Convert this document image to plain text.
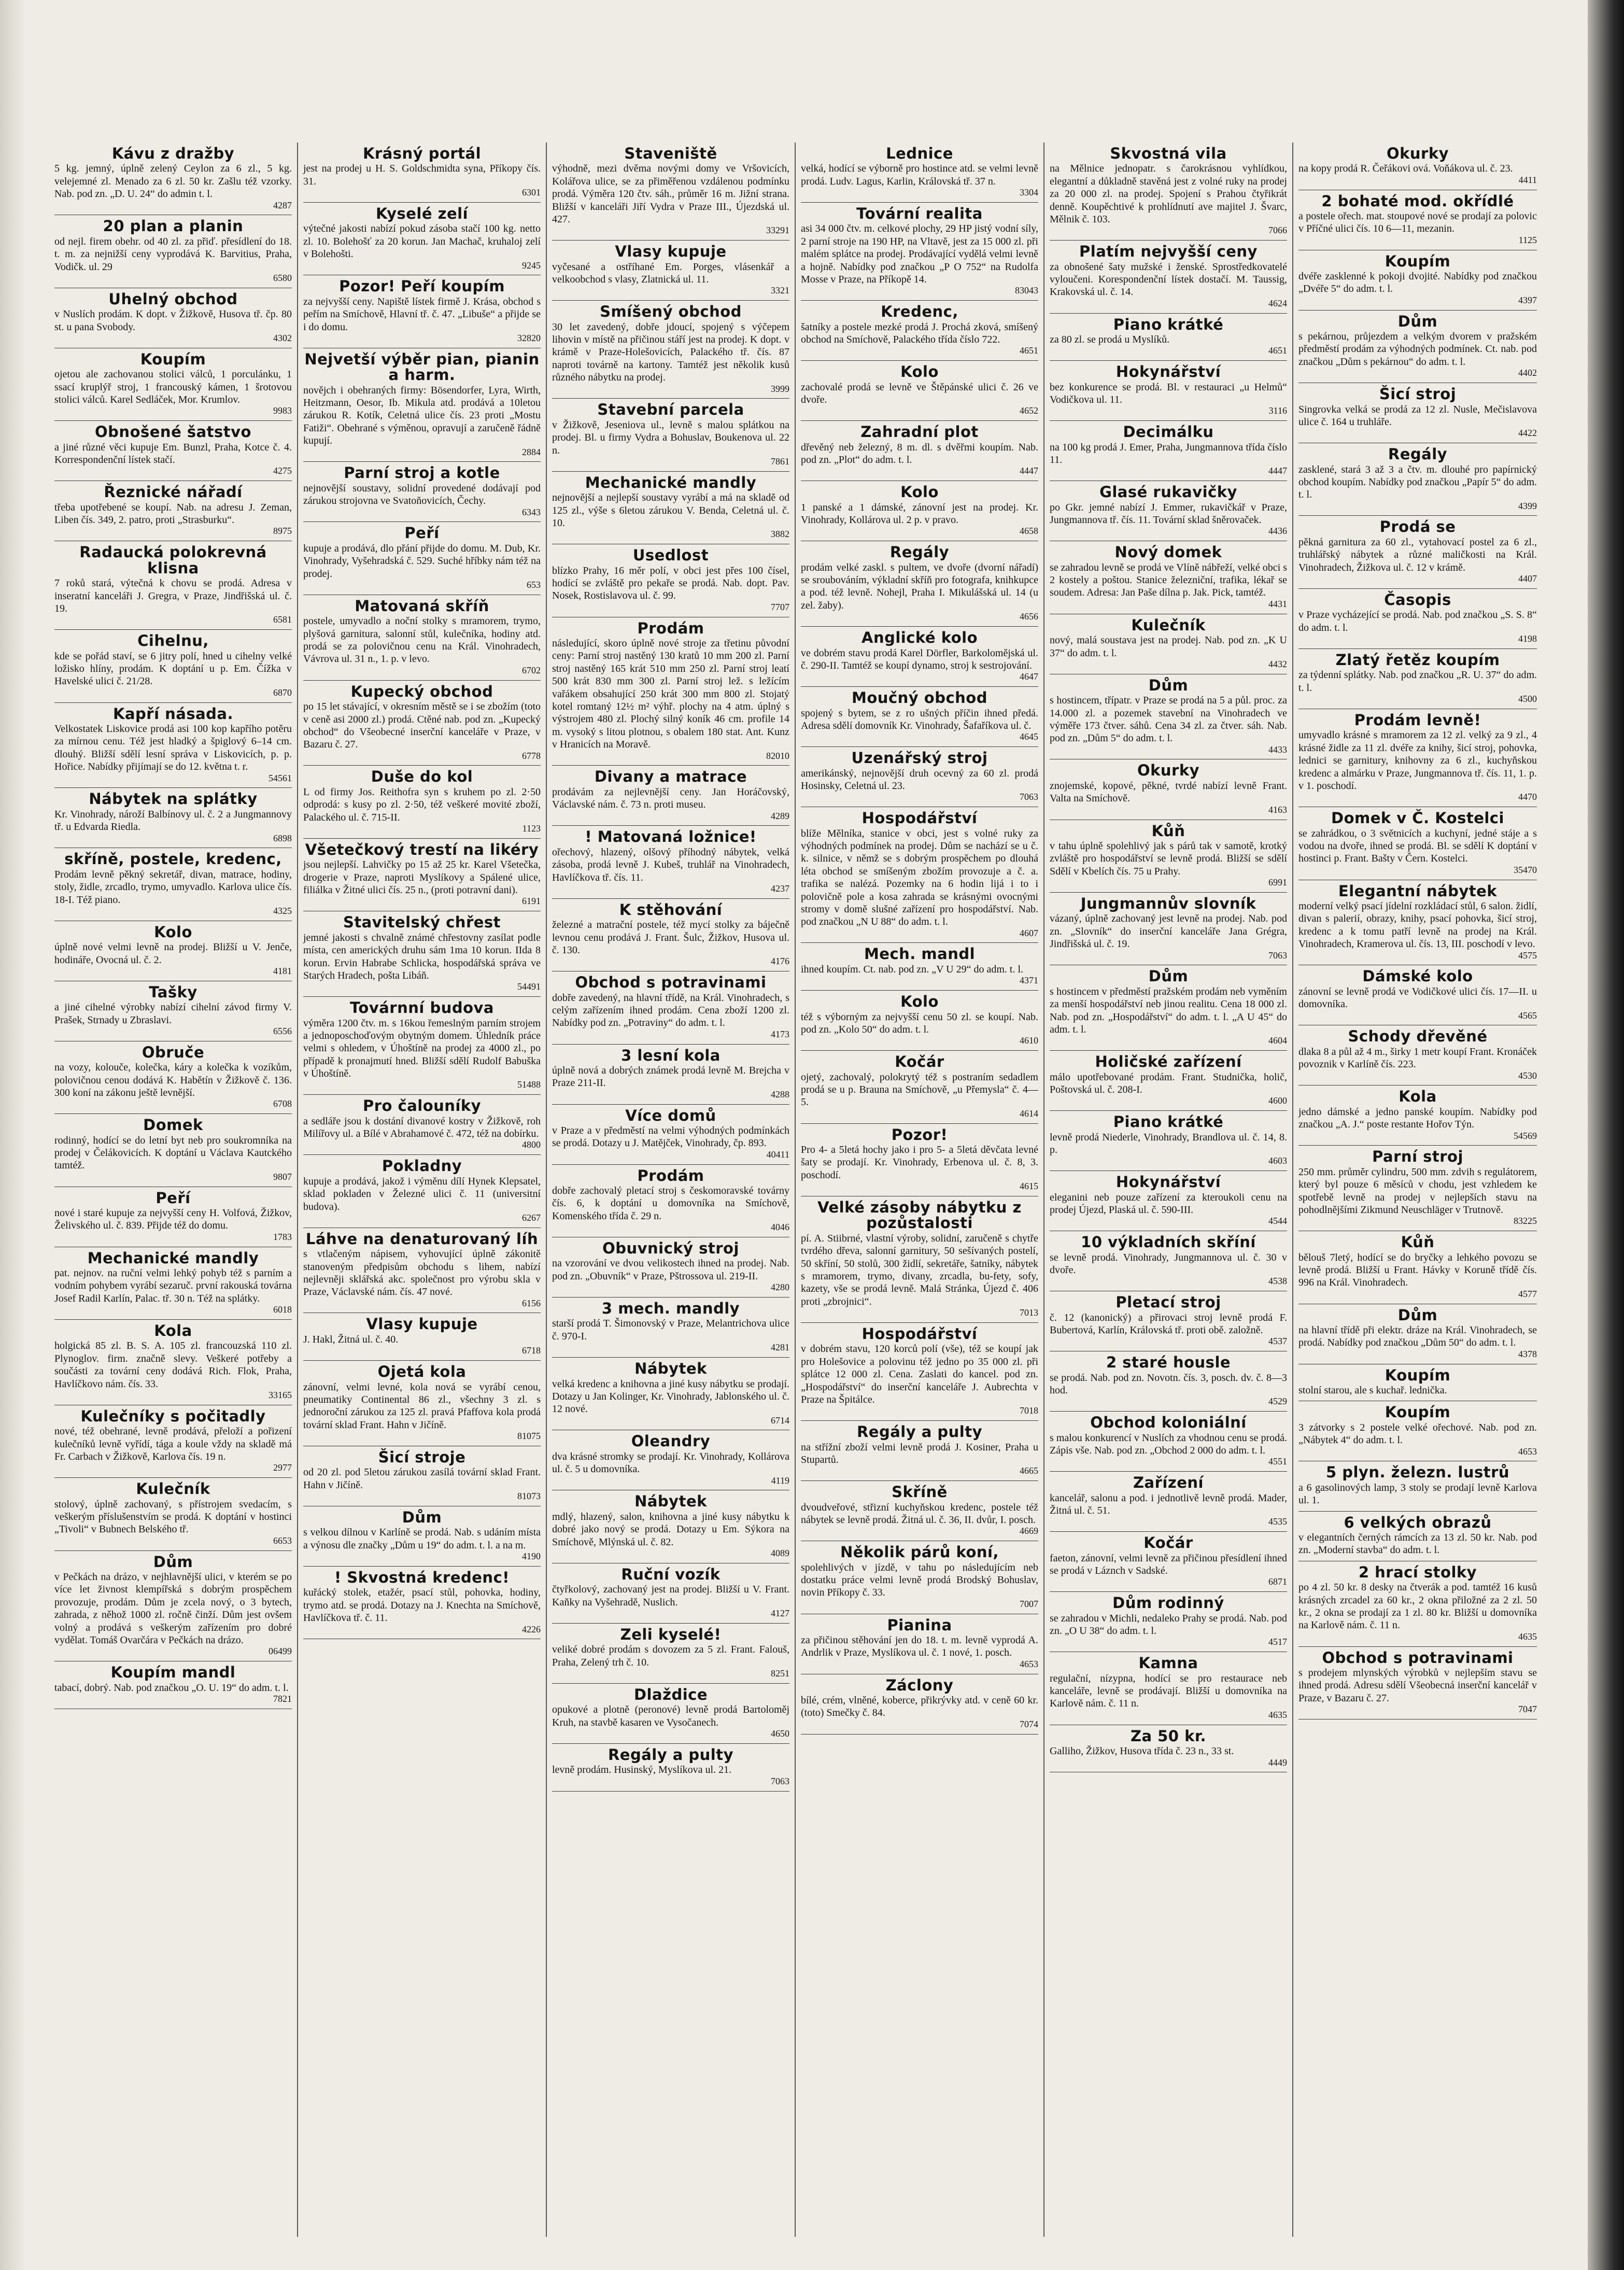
Kávu z dražby

5 kg. jemný, úplně zelený Ceylon za 6 zl., 5 kg. velejemné zl. Menado za 6 zl. 50 kr. Zašlu též vzorky. Nab. pod zn. „D. U. 24“ do admin t. l.

4287
20 plan a planin

od nejl. firem obehr. od 40 zl. za přiď. přesídlení do 18. t. m. za nejnižší ceny vyprodává K. Barvitius, Praha, Vodičk. ul. 29

6580
Uhelný obchod

v Nuslích prodám. K dopt. v Žižkově, Husova tř. čp. 80 st. u pana Svobody.

4302
Koupím

ojetou ale zachovanou stolici válců, 1 porculánku, 1 ssací kruplýř stroj, 1 francouský kámen, 1 šrotovou stolici válců. Karel Sedláček, Mor. Krumlov.

9983
Obnošené šatstvo

a jiné různé věci kupuje Em. Bunzl, Praha, Kotce č. 4. Korrespondenční lístek stačí.

4275
Řeznické nářadí

třeba upotřebené se koupí. Nab. na adresu J. Zeman, Liben čís. 349, 2. patro, proti „Strasburku“.

8975
Radaucká polokrevná klisna

7 roků stará, výtečná k chovu se prodá. Adresa v inseratní kanceláři J. Gregra, v Praze, Jindřišská ul. č. 19.

6581
Cihelnu,

kde se pořád staví, se 6 jitry polí, hned u cihelny velké ložisko hlíny, prodám. K doptání u p. Em. Čížka v Havelské ulici č. 21/28.

6870
Kapří násada.

Velkostatek Liskovice prodá asi 100 kop kapřího potěru za mírnou cenu. Též jest hladký a špiglový 6–14 cm. dlouhý. Bližší sdělí lesní správa v Liskovicích, p. p. Hořice. Nabídky přijímají se do 12. května t. r.

54561
Nábytek na splátky

Kr. Vinohrady, nároží Balbínovy ul. č. 2 a Jungmannovy tř. u Edvarda Riedla.

6898
skříně, postele, kredenc,

Prodám levně pěkný sekretář, divan, matrace, hodiny, stoly, židle, zrcadlo, trymo, umyvadlo. Karlova ulice čís. 18-I. Též piano.

4325
Kolo

úplně nové velmi levně na prodej. Bližší u V. Jenče, hodináře, Ovocná ul. č. 2.

4181
Tašky

a jiné cihelné výrobky nabízí cihelní závod firmy V. Prašek, Strnady u Zbraslavi.

6556
Obruče

na vozy, kolouče, kolečka, káry a kolečka k vozíkům, polovičnou cenou dodává K. Habětín v Žižkově č. 136. 300 koní na zákonu ještě levnější.

6708
Domek

rodinný, hodící se do letní byt neb pro soukromníka na prodej v Čelákovicích. K doptání u Václava Kautckého tamtéž.

9807
Peří

nové i staré kupuje za nejvyšší ceny H. Volfová, Žižkov, Želivského ul. č. 839. Přijde též do domu.

1783
Mechanické mandly

pat. nejnov. na ruční velmi lehký pohyb též s parním a vodním pohybem vyrábí sezaruč. první rakouská továrna Josef Radil Karlín, Palac. tř. 30 n. Též na splátky.

6018
Kola

holgická 85 zl. B. S. A. 105 zl. francouzská 110 zl. Plynoglov. firm. značně slevy. Veškeré potřeby a součásti za tovární ceny dodává Rich. Flok, Praha, Havlíčkovo nám. čís. 33.

33165
Kulečníky s počitadly

nové, též obehrané, levně prodává, přeloží a pořizení kulečníků levně vyřídí, tága a koule vždy na skladě má Fr. Carbach v Žižkově, Karlova čís. 19 n.

2977
Kulečník

stolový, úplně zachovaný, s přístrojem svedacím, s veškerým příslušenstvím se prodá. K doptání v hostinci „Tivoli“ v Bubnech Belského tř.

6653
Dům

v Pečkách na drázo, v nejhlavnější ulici, v kterém se po více let živnost klempířská s dobrým prospěchem provozuje, prodám. Dům je zcela nový, o 3 bytech, zahrada, z něhož 1000 zl. ročně činží. Dům jest ovšem volný a prodává s veškerým zařízením pro dobré vydělat. Tomáš Ovarčára v Pečkách na drázo.

06499
Koupím mandl

tabací, dobrý. Nab. pod značkou „O. U. 19“ do adm. t. l.

7821
Krásný portál

jest na prodej u H. S. Goldschmidta syna, Příkopy čís. 31.

6301
Kyselé zelí

výtečné jakosti nabízí pokud zásoba stačí 100 kg. netto zl. 10. Bolehošť za 20 korun. Jan Machač, kruhaloj zelí v Bolehošti.

9245
Pozor! Peří koupím

za nejvyšší ceny. Napiště lístek firmě J. Krása, obchod s peřím na Smíchově, Hlavní tř. č. 47. „Libuše“ a přijde se i do domu.

32820
Nejvetší výběr pian, pianin a harm.

novějch i obehraných firmy: Bösendorfer, Lyra, Wirth, Heitzmann, Oesor, Ib. Mikula atd. prodává a 10letou zárukou R. Kotík, Celetná ulice čís. 23 proti „Mostu Fatiži“. Obehrané s výměnou, opravují a zaručeně řádně kupují.

2884
Parní stroj a kotle

nejnovější soustavy, solidní provedené dodávají pod zárukou strojovna ve Svatoňovicích, Čechy.

6343
Peří

kupuje a prodává, dlo přání přijde do domu. M. Dub, Kr. Vinohrady, Vyšehradská č. 529. Suché hříbky nám též na prodej.

653
Matovaná skříň

postele, umyvadlo a noční stolky s mramorem, trymo, plyšová garnitura, salonní stůl, kulečníka, hodiny atd. prodá se za polovičnou cenu na Král. Vinohradech, Vávrova ul. 31 n., 1. p. v levo.

6702
Kupecký obchod

po 15 let stávající, v okresním městě se i se zbožím (toto v ceně asi 2000 zl.) prodá. Ctěné nab. pod zn. „Kupecký obchod“ do Všeobecné inserční kanceláře v Praze, v Bazaru č. 27.

6778
Duše do kol

L od firmy Jos. Reithofra syn s kruhem po zl. 2·50 odprodá: s kusy po zl. 2·50, též veškeré movité zboží, Palackého ul. č. 715-II.

1123
Všetečkový trestí na likéry

jsou nejlepší. Lahvičky po 15 až 25 kr. Karel Všetečka, drogerie v Praze, naproti Myslíkovy a Spálené ulice, filiálka v Žitné ulici čís. 25 n., (proti potravní dani).

6191
Stavitelský chřest

jemné jakosti s chvalně známé chřestovny zasílat podle místa, cen amerických druhu sám 1ma 10 korun. IIda 8 korun. Ervin Habrabe Schlicka, hospodářská správa ve Starých Hradech, pošta Libáň.

54491
Továrnní budova

výměra 1200 čtv. m. s 16kou řemeslným parním strojem a jednoposchoďovým obytným domem. Úhledník práce velmi s ohledem, v Úhoštíně na prodej za 4000 zl., po případě k pronajmutí hned. Bližší sdělí Rudolf Babuška v Úhoštíně.

51488
Pro čalouníky

a sedláře jsou k dostání divanové kostry v Žižkově, roh Milířovy ul. a Bílé v Abrahamové č. 472, též na dobírku.

4800
Pokladny

kupuje a prodává, jakož i výměnu dílí Hynek Klepsatel, sklad pokladen v Železné ulici č. 11 (universitní budova).

6267
Láhve na denaturovaný líh

s vtlačeným nápisem, vyhovující úplně zákonitě stanoveným předpisům obchodu s lihem, nabízí nejlevněji sklářská akc. společnost pro výrobu skla v Praze, Václavské nám. čís. 47 nové.

6156
Vlasy kupuje

J. Hakl, Žitná ul. č. 40.

6718
Ojetá kola

zánovní, velmi levné, kola nová se vyrábí cenou, pneumatiky Continental 86 zl., všechny 3 zl. s jednoroční zárukou za 125 zl. pravá Pfaffova kola prodá tovární sklad Frant. Hahn v Jičíně.

81075
Šicí stroje

od 20 zl. pod 5letou zárukou zasílá tovární sklad Frant. Hahn v Jičíně.

81073
Dům

s velkou dílnou v Karlíně se prodá. Nab. s udáním místa a výnosu dle značky „Dům u 19“ do adm. t. l. a na m.

4190
! Skvostná kredenc!

kuřácký stolek, etažér, psací stůl, pohovka, hodiny, trymo atd. se prodá. Dotazy na J. Knechta na Smíchově, Havlíčkova tř. č. 11.

4226
Staveniště

výhodně, mezi dvěma novými domy ve Vršovicích, Kolářova ulice, se za přiměřenou vzdálenou podmínku prodá. Výměra 120 čtv. sáh., průměr 16 m. Jižní strana. Bližší v kanceláři Jiří Vydra v Praze III., Újezdská ul. 427.

33291
Vlasy kupuje

vyčesané a ostříhané Em. Porges, vlásenkář a velkoobchod s vlasy, Zlatnická ul. 11.

3321
Smíšený obchod

30 let zavedený, dobře jdoucí, spojený s výčepem lihovin v místě na přičinou stáří jest na prodej. K dopt. v krámě v Praze-Holešovicích, Palackého tř. čís. 87 naproti továrně na kartony. Tamtéž jest několik kusů různého nábytku na prodej.

3999
Stavební parcela

v Žižkově, Jeseniova ul., levně s malou splátkou na prodej. Bl. u firmy Vydra a Bohuslav, Boukenova ul. 22 n.

7861
Mechanické mandly

nejnovější a nejlepší soustavy vyrábí a má na skladě od 125 zl., výše s 6letou zárukou V. Benda, Celetná ul. č. 10.

3882
Usedlost

blízko Prahy, 16 měr polí, v obci jest přes 100 čísel, hodící se zvláště pro pekaře se prodá. Nab. dopt. Pav. Nosek, Rostislavova ul. č. 99.

7707
Prodám

následující, skoro úplně nové stroje za třetinu původní ceny: Parní stroj nastěný 130 kratů 10 mm 200 zl. Parní stroj nastěný 165 krát 510 mm 250 zl. Parní stroj leatí 500 krát 830 mm 300 zl. Parní stroj lež. s ležícím vařákem obsahující 250 krát 300 mm 800 zl. Stojatý kotel romtaný 12½ m² výhř. plochy na 4 atm. úplný s výstrojem 480 zl. Plochý silný koník 46 cm. profile 14 m. vysoký s litou plotnou, s obalem 180 stat. Ant. Kunz v Hranicích na Moravě.

82010
Divany a matrace

prodávám za nejlevnější ceny. Jan Horáčovský, Václavské nám. č. 73 n. proti museu.

4289
! Matovaná ložnice!

ořechový, hlazený, olšový příhodný nábytek, velká zásoba, prodá levně J. Kubeš, truhlář na Vinohradech, Havlíčkova tř. čís. 11.

4237
K stěhování

železné a matrační postele, též mycí stolky za báječně levnou cenu prodává J. Frant. Šulc, Žižkov, Husova ul. č. 130.

4176
Obchod s potravinami

dobře zavedený, na hlavní třídě, na Král. Vinohradech, s celým zařízením ihned prodám. Cena zboží 1200 zl. Nabídky pod zn. „Potraviny“ do adm. t. l.

4173
3 lesní kola

úplně nová a dobrých známek prodá levně M. Brejcha v Praze 211-II.

4288
Více domů

v Praze a v předměstí na velmi výhodných podmínkách se prodá. Dotazy u J. Matějček, Vinohrady, čp. 893.

40411
Prodám

dobře zachovalý pletací stroj s českomoravské továrny čís. 6, k doptání u domovníka na Smíchově, Komenského třída č. 29 n.

4046
Obuvnický stroj

na vzorování ve dvou velikostech ihned na prodej. Nab. pod zn. „Obuvník“ v Praze, Pštrossova ul. 219-II.

4280
3 mech. mandly

starší prodá T. Šimonovský v Praze, Melantrichova ulice č. 970-I.

4281
Nábytek

velká kredenc a knihovna a jiné kusy nábytku se prodají. Dotazy u Jan Kolinger, Kr. Vinohrady, Jablonského ul. č. 12 nové.

6714
Oleandry

dva krásné stromky se prodají. Kr. Vinohrady, Kollárova ul. č. 5 u domovníka.

4119
Nábytek

mdlý, hlazený, salon, knihovna a jiné kusy nábytku k dobré jako nový se prodá. Dotazy u Em. Sýkora na Smíchově, Mlýnská ul. č. 82.

4089
Ruční vozík

čtyřkolový, zachovaný jest na prodej. Bližší u V. Frant. Kaňky na Vyšehradě, Nuslich.

4127
Zeli kyselé!

veliké dobré prodám s dovozem za 5 zl. Frant. Falouš, Praha, Zelený trh č. 10.

8251
Dlaždice

opukové a plotně (peronové) levně prodá Bartoloměj Kruh, na stavbě kasaren ve Vysočanech.

4650
Regály a pulty

levně prodám. Husinský, Myslíkova ul. 21.

7063
Lednice

velká, hodící se výborně pro hostince atd. se velmi levně prodá. Ludv. Lagus, Karlin, Královská tř. 37 n.

3304
Tovární realita

asi 34 000 čtv. m. celkové plochy, 29 HP jistý vodní síly, 2 parní stroje na 190 HP, na Vltavě, jest za 15 000 zl. při malém splátce na prodej. Prodávající vydělá velmi levně a hojně. Nabídky pod značkou „P O 752“ na Rudolfa Mosse v Praze, na Příkopě 14.

83043
Kredenc,

šatníky a postele mezké prodá J. Prochá zková, smíšený obchod na Smíchově, Palackého třída číslo 722.

4651
Kolo

zachovalé prodá se levně ve Štěpánské ulici č. 26 ve dvoře.

4652
Zahradní plot

dřevěný neb železný, 8 m. dl. s dvěřmi koupím. Nab. pod zn. „Plot“ do adm. t. l.

4447
Kolo

1 panské a 1 dámské, zánovní jest na prodej. Kr. Vinohrady, Kollárova ul. 2 p. v pravo.

4658
Regály

prodám velké zaskl. s pultem, ve dvoře (dvorní nářadí) se sroubováním, výkladní skříň pro fotografa, knihkupce a pod. též levně. Nohejl, Praha I. Mikulášská ul. 14 (u zel. žaby).

4656
Anglické kolo

ve dobrém stavu prodá Karel Dörfler, Barkolomějská ul. č. 290-II. Tamtéž se koupí dynamo, stroj k sestrojování.

4647
Moučný obchod

spojený s bytem, se z ro ušných příčin ihned předá. Adresa sdělí domovník Kr. Vinohrady, Šafaříkova ul. č.

4645
Uzenářský stroj

amerikánský, nejnovější druh ocevný za 60 zl. prodá Hosinsky, Celetná ul. 23.

7063
Hospodářství

blíže Mělníka, stanice v obci, jest s volné ruky za výhodných podmínek na prodej. Dům se nachází se u č. k. silnice, v němž se s dobrým prospěchem po dlouhá léta obchod se smíšeným zbožím provozuje a č. a. trafika se nalézá. Pozemky na 6 hodin lijá i to i polovičně pole a kosa zahrada se krásnými ovocnými stromy v domě slušné zařízení pro hospodářství. Nab. pod značkou „N U 88“ do adm. t. l.

4607
Mech. mandl

ihned koupím. Ct. nab. pod zn. „V U 29“ do adm. t. l.

4371
Kolo

též s výborným za nejvyšší cenu 50 zl. se koupí. Nab. pod zn. „Kolo 50“ do adm. t. l.

4610
Kočár

ojetý, zachovalý, polokrytý též s postraním sedadlem prodá se u p. Brauna na Smíchově, „u Přemysla“ č. 4—5.

4614
Pozor!

Pro 4- a 5letá hochy jako i pro 5- a 5letá děvčata levné šaty se prodají. Kr. Vinohrady, Erbenova ul. č. 8, 3. poschodí.

4615
Velké zásoby nábytku z pozůstalosti

pí. A. Stiibrné, vlastní výroby, solidní, zaručeně s chytře tvrdého dřeva, salonní garnitury, 50 sešívaných postelí, 50 skříní, 50 stolů, 300 židlí, sekretáře, šatníky, nábytek s mramorem, trymo, divany, zrcadla, bu-fety, sofy, kazety, vše se prodá levně. Malá Stránka, Újezd č. 406 proti „zbrojnici“.

7013
Hospodářství

v dobrém stavu, 120 korců polí (vše), též se koupí jak pro Holešovice a polovinu též jedno po 35 000 zl. při splátce 12 000 zl. Cena. Zaslati do kancel. pod zn. „Hospodářství“ do inserční kanceláře J. Aubrechta v Praze na Špitálce.

7018
Regály a pulty

na střížní zboží velmi levně prodá J. Kosiner, Praha u Stupartů.

4665
Skříně

dvoudveřové, střizní kuchyňskou kredenc, postele též nábytek se levně prodá. Žitná ul. č. 36, II. dvůr, I. posch.

4669
Několik párů koní,

spolehlivých v jízdě, v tahu po následujícím neb dostatku práce velmi levně prodá Brodský Bohuslav, novin Příkopy č. 33.

7007
Pianina

za přičinou stěhování jen do 18. t. m. levně vyprodá A. Andrlik v Praze, Myslíkova ul. č. 1 nové, 1. posch.

4653
Záclony

bílé, crém, vlněné, koberce, přikrývky atd. v ceně 60 kr. (toto) Smečky č. 84.

7074
Skvostná vila

na Mělnice jednopatr. s čarokrásnou vyhlídkou, elegantní a důkladně stavěná jest z volné ruky na prodej za 20 000 zl. na prodej. Spojení s Prahou čtyřikrát denně. Koupěchtivé k prohlídnutí ave majitel J. Švarc, Mělnik č. 103.

7066
Platím nejvyšší ceny

za obnošené šaty mužské i ženské. Sprostředkovatelé vyloučeni. Korespondenční lístek dostačí. M. Taussig, Krakovská ul. č. 14.

4624
Piano krátké

za 80 zl. se prodá u Myslíků.

4651
Hokynářství

bez konkurence se prodá. Bl. v restauraci „u Helmů“ Vodičkova ul. 11.

3116
Decimálku

na 100 kg prodá J. Emer, Praha, Jungmannova třída číslo 11.

4447
Glasé rukavičky

po Gkr. jemné nabízí J. Emmer, rukavičkář v Praze, Jungmannova tř. čís. 11. Tovární sklad šněrovaček.

4436
Nový domek

se zahradou levně se prodá ve Vlíně nábřeží, velké obci s 2 kostely a poštou. Stanice železniční, trafika, lékař se soudem. Adresa: Jan Paše dílna p. Jak. Pick, tamtéž.

4431
Kulečník

nový, malá soustava jest na prodej. Nab. pod zn. „K U 37“ do adm. t. l.

4432
Dům

s hostincem, třípatr. v Praze se prodá na 5 a půl. proc. za 14.000 zl. a pozemek stavební na Vinohradech ve výměře 173 čtver. sáhů. Cena 34 zl. za čtver. sáh. Nab. pod zn. „Dům 5“ do adm. t. l.

4433
Okurky

znojemské, kopové, pěkné, tvrdé nabízí levně Frant. Valta na Smíchově.

4163
Kůň

v tahu úplně spolehlivý jak s párů tak v samotě, krotký zvláště pro hospodářství se levně prodá. Bližší se sdělí Sdělí v Kbelích čís. 75 u Prahy.

6991
Jungmannův slovník

vázaný, úplně zachovaný jest levně na prodej. Nab. pod zn. „Slovník“ do inserční kanceláře Jana Grégra, Jindřišská ul. č. 19.

7063
Dům

s hostincem v předměstí pražském prodám neb vyměním za menší hospodářství neb jinou realitu. Cena 18 000 zl. Nab. pod zn. „Hospodářství“ do adm. t. l. „A U 45“ do adm. t. l.

4604
Holičské zařízení

málo upotřebované prodám. Frant. Studnička, holič, Poštovská ul. č. 208-I.

4600
Piano krátké

levně prodá Niederle, Vinohrady, Brandlova ul. č. 14, 8. p.

4603
Hokynářství

eleganini neb pouze zařízení za kteroukoli cenu na prodej Újezd, Plaská ul. č. 590-III.

4544
10 výkladních skříní

se levně prodá. Vinohrady, Jungmannova ul. č. 30 v dvoře.

4538
Pletací stroj

č. 12 (kanonický) a přirovaci stroj levně prodá F. Bubertová, Karlín, Královská tř. proti obě. založně.

4537
2 staré housle

se prodá. Nab. pod zn. Novotn. čís. 3, posch. dv. č. 8—3 hod.

4529
Obchod koloniální

s malou konkurencí v Nuslích za vhodnou cenu se prodá. Zápis vše. Nab. pod zn. „Obchod 2 000 do adm. t. l.

4551
Zařízení

kancelář, salonu a pod. i jednotlivě levně prodá. Mader, Žitná ul. č. 51.

4535
Kočár

faeton, zánovní, velmi levně za přičinou přesídlení ihned se prodá v Láznch v Sadské.

6871
Dům rodinný

se zahradou v Michli, nedaleko Prahy se prodá. Nab. pod zn. „O U 38“ do adm. t. l.

4517
Kamna

regulační, nízypna, hodící se pro restaurace neb kanceláře, levně se prodávají. Bližší u domovníka na Karlově nám. č. 11 n.

4635
Za 50 kr.

Galliho, Žižkov, Husova třída č. 23 n., 33 st.

4449
Okurky

na kopy prodá R. Čeřákovi ová. Voňákova ul. č. 23.

4411
2 bohaté mod. okřídlé

a postele ořech. mat. stoupové nové se prodají za polovic v Příčné ulici čís. 10 6—11, mezanin.

1125
Koupím

dvéře zasklenné k pokoji dvojité. Nabídky pod značkou „Dvéře 5“ do adm. t. l.

4397
Dům

s pekárnou, průjezdem a velkým dvorem v pražském předměstí prodám za výhodných podmínek. Ct. nab. pod značkou „Dům s pekárnou“ do adm. t. l.

4402
Šicí stroj

Singrovka velká se prodá za 12 zl. Nusle, Mečislavova ulice č. 164 u truhláře.

4422
Regály

zasklené, stará 3 až 3 a čtv. m. dlouhé pro papírnický obchod koupím. Nabídky pod značkou „Papír 5“ do adm. t. l.

4399
Prodá se

pěkná garnitura za 60 zl., vytahovací postel za 6 zl., truhlářský nábytek a různé maličkosti na Král. Vinohradech, Žižkova ul. č. 12 v krámě.

4407
Časopis

v Praze vycházející se prodá. Nab. pod značkou „S. S. 8“ do adm. t. l.

4198
Zlatý řetěz koupím

za týdenní splátky. Nab. pod značkou „R. U. 37“ do adm. t. l.

4500
Prodám levně!

umyvadlo krásné s mramorem za 12 zl. velký za 9 zl., 4 krásné židle za 11 zl. dvéře za knihy, šicí stroj, pohovka, lednici se garnitury, knihovny za 6 zl., kuchyňskou kredenc a almárku v Praze, Jungmannova tř. čís. 11, 1. p. v 1. poschodí.

4470
Domek v Č. Kostelci

se zahrádkou, o 3 světnicích a kuchyní, jedné stáje a s vodou na dvoře, ihned se prodá. Bl. se sdělí K doptání v hostinci p. Frant. Bašty v Čern. Kostelci.

35470
Elegantní nábytek

moderní velký psací jídelní rozkládací stůl, 6 salon. židlí, divan s palerií, obrazy, knihy, psací pohovka, šicí stroj, kredenc a k tomu patří levně na prodej na Král. Vinohradech, Kramerova ul. čís. 13, III. poschodí v levo.

4575
Dámské kolo

zánovní se levně prodá ve Vodičkové ulici čís. 17—II. u domovníka.

4565
Schody dřevěné

dlaka 8 a půl až 4 m., širky 1 metr koupí Frant. Kronáček povoznik v Karlíně čís. 223.

4530
Kola

jedno dámské a jedno panské koupím. Nabídky pod značkou „A. J.“ poste restante Hořov Týn.

54569
Parní stroj

250 mm. průměr cylindru, 500 mm. zdvih s regulátorem, který byl pouze 6 měsíců v chodu, jest vzhledem ke spotřebě levně na prodej v nejlepších stavu na pohodlnějšími Zikmund Neuschläger v Trutnově.

83225
Kůň

bělouš 7letý, hodící se do bryčky a lehkého povozu se levně prodá. Bližší u Frant. Hávky v Koruně třídě čís. 996 na Král. Vinohradech.

4577
Dům

na hlavní třídě při elektr. dráze na Král. Vinohradech, se prodá. Nabídky pod značkou „Dům 50“ do adm. t. l.

4378
Koupím

stolní starou, ale s kuchař. lednička.

Koupím

3 zátvorky s 2 postele velké ořechové. Nab. pod zn. „Nábytek 4“ do adm. t. l.

4653
5 plyn. železn. lustrů

a 6 gasolinových lamp, 3 stoly se prodají levně Karlova ul. 1.

6 velkých obrazů

v elegantních černých rámcích za 13 zl. 50 kr. Nab. pod zn. „Moderní stavba“ do adm. t. l.

2 hrací stolky

po 4 zl. 50 kr. 8 desky na čtverák a pod. tamtéž 16 kusů krásných zrcadel za 60 kr., 2 okna přiložné za 2 zl. 50 kr., 2 okna se prodají za 1 zl. 80 kr. Bližší u domovníka na Karlově nám. č. 11 n.

4635
Obchod s potravinami

s prodejem mlynských výrobků v nejlepším stavu se ihned prodá. Adresu sdělí Všeobecná inserční kancelář v Praze, v Bazaru č. 27.

7047
